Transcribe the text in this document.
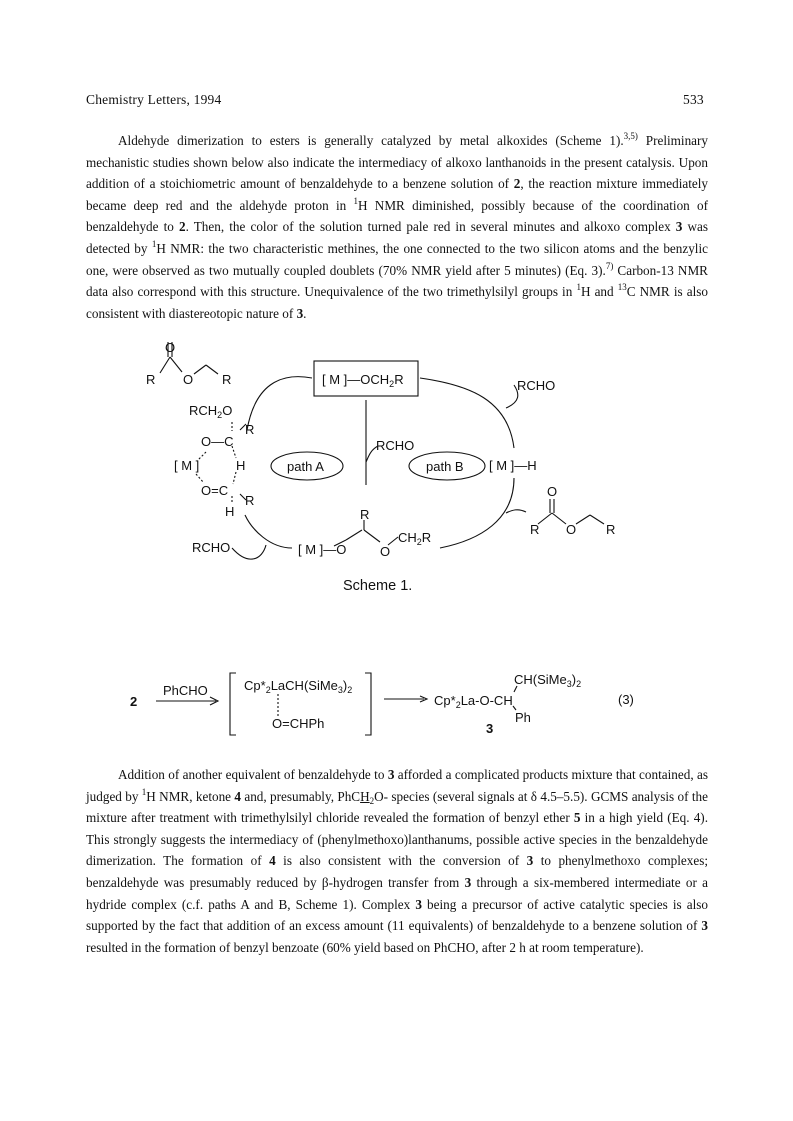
Chemistry Letters, 1994	533

Aldehyde dimerization to esters is generally catalyzed by metal alkoxides (Scheme 1).$^{3,5)}$ Preliminary mechanistic studies shown below also indicate the intermediacy of alkoxo lanthanoids in the present catalysis. Upon addition of a stoichiometric amount of benzaldehyde to a benzene solution of 2, the reaction mixture immediately became deep red and the aldehyde proton in $^1$H NMR diminished, possibly because of the coordination of benzaldehyde to 2. Then, the color of the solution turned pale red in several minutes and alkoxo complex 3 was detected by $^1$H NMR: the two characteristic methines, the one connected to the two silicon atoms and the benzylic one, were observed as two mutually coupled doublets (70% NMR yield after 5 minutes) (Eq. 3).$^{7)}$ Carbon-13 NMR data also correspond with this structure. Unequivalence of the two trimethylsilyl groups in $^1$H and $^{13}$C NMR is also consistent with diastereotopic nature of 3.

O
R O R	[ M ]$—OCH_2R$	RCHO
RCHO
$RCH_2O$
R
O—C
[ M ]	H
O=C
R
H
path A	path B [ M ]—H
RCHO
R
[ M ]—O	O
$CH_2R$
O
R O R
Scheme 1.
2
PhCHO	$Cp*_2LaCH(SiMe_3)_2$
O=CHPh
$CH(SiMe_3)_2$
$Cp*_2La-O-CH$
Ph
3
(3)

Addition of another equivalent of benzaldehyde to 3 afforded a complicated products mixture that contained, as judged by $^1$H NMR, ketone 4 and, presumably, PhCH$_2$O- species (several signals at δ 4.5–5.5). GCMS analysis of the mixture after treatment with trimethylsilyl chloride revealed the formation of benzyl ether 5 in a high yield (Eq. 4). This strongly suggests the intermediacy of (phenylmethoxo)lanthanums, possible active species in the benzaldehyde dimerization. The formation of 4 is also consistent with the conversion of 3 to phenylmethoxo complexes; benzaldehyde was presumably reduced by β-hydrogen transfer from 3 through a six-membered intermediate or a hydride complex (c.f. paths A and B, Scheme 1). Complex 3 being a precursor of active catalytic species is also supported by the fact that addition of an excess amount (11 equivalents) of benzaldehyde to a benzene solution of 3 resulted in the formation of benzyl benzoate (60% yield based on PhCHO, after 2 h at room temperature).
